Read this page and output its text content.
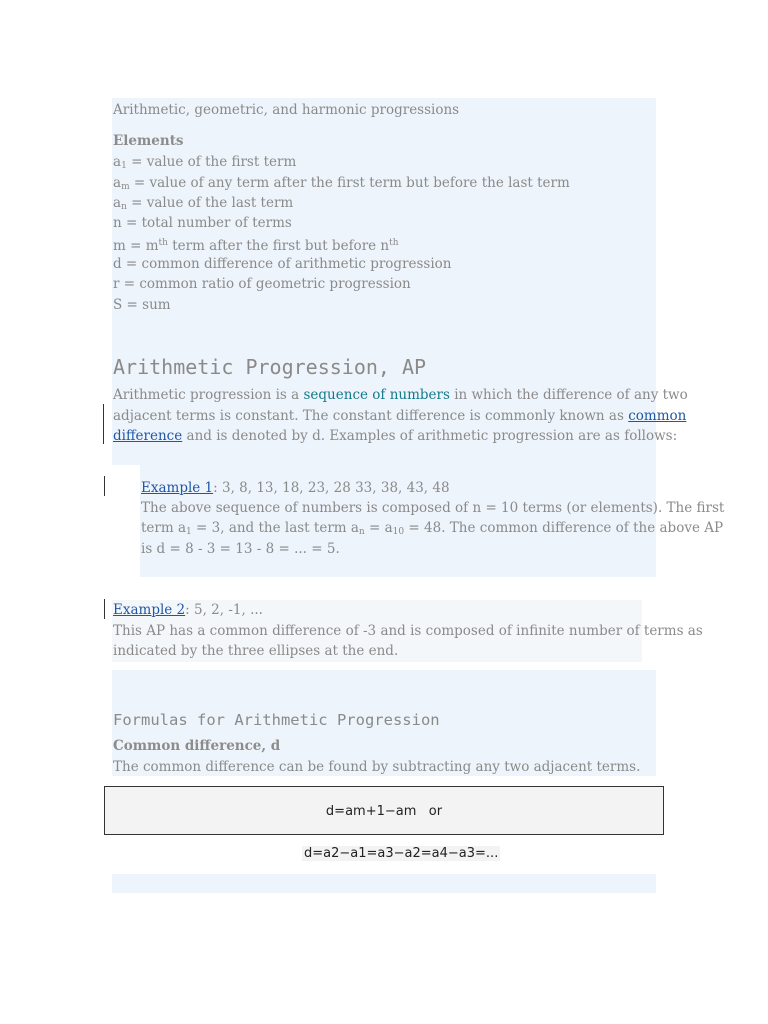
Arithmetic, geometric, and harmonic progressions
Elements
$a_1$ = value of the first term
$a_m$ = value of any term after the first term but before the last term
$a_n$ = value of the last term
n = total number of terms
$m = m^{th}$ term after the first but before $n^{th}$
d = common difference of arithmetic progression
r = common ratio of geometric progression
S = sum
Arithmetic Progression, AP
Arithmetic progression is a sequence of numbers in which the difference of any two
adjacent terms is constant. The constant difference is commonly known as common
difference and is denoted by d. Examples of arithmetic progression are as follows:
Example 1: 3, 8, 13, 18, 23, 28 33, 38, 43, 48
The above sequence of numbers is composed of n = 10 terms (or elements). The first
term $a_1 = 3$, and the last term $a_n = a_{10} = 48$. The common difference of the above AP
is d = 8 - 3 = 13 - 8 = ... = 5.
Example 2: 5, 2, -1, ...
This AP has a common difference of -3 and is composed of infinite number of terms as
indicated by the three ellipses at the end.
Formulas for Arithmetic Progression
Common difference, d
The common difference can be found by subtracting any two adjacent terms.
d=am+1−am   or
d=a2−a1=a3−a2=a4−a3=...
